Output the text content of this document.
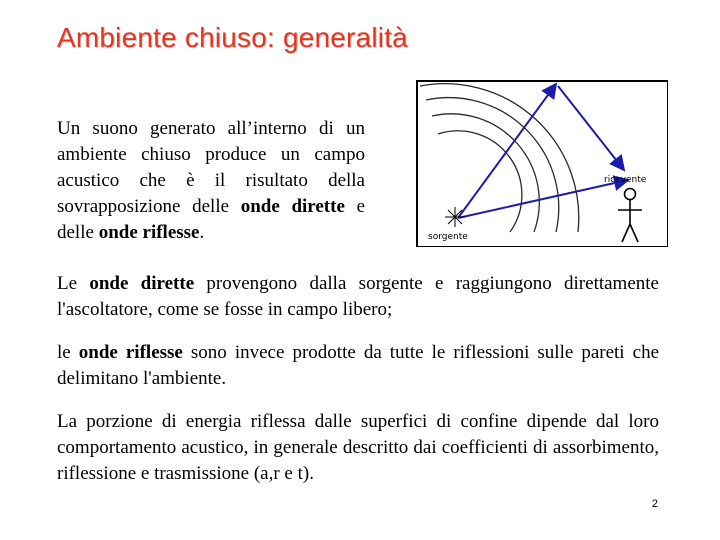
Ambiente chiuso: generalità
Un suono generato all’interno di un ambiente chiuso produce un campo acustico che è il risultato della sovrapposizione delle onde dirette e delle onde riflesse.
ricevente
sorgente
Le onde dirette provengono dalla sorgente e raggiungono direttamente l'ascoltatore, come se fosse in campo libero;
le onde riflesse sono invece prodotte da tutte le riflessioni sulle pareti che delimitano l'ambiente.
La porzione di energia riflessa dalle superfici di confine dipende dal loro comportamento acustico, in generale descritto dai coefficienti di assorbimento, riflessione e trasmissione (a,r e t).
2
